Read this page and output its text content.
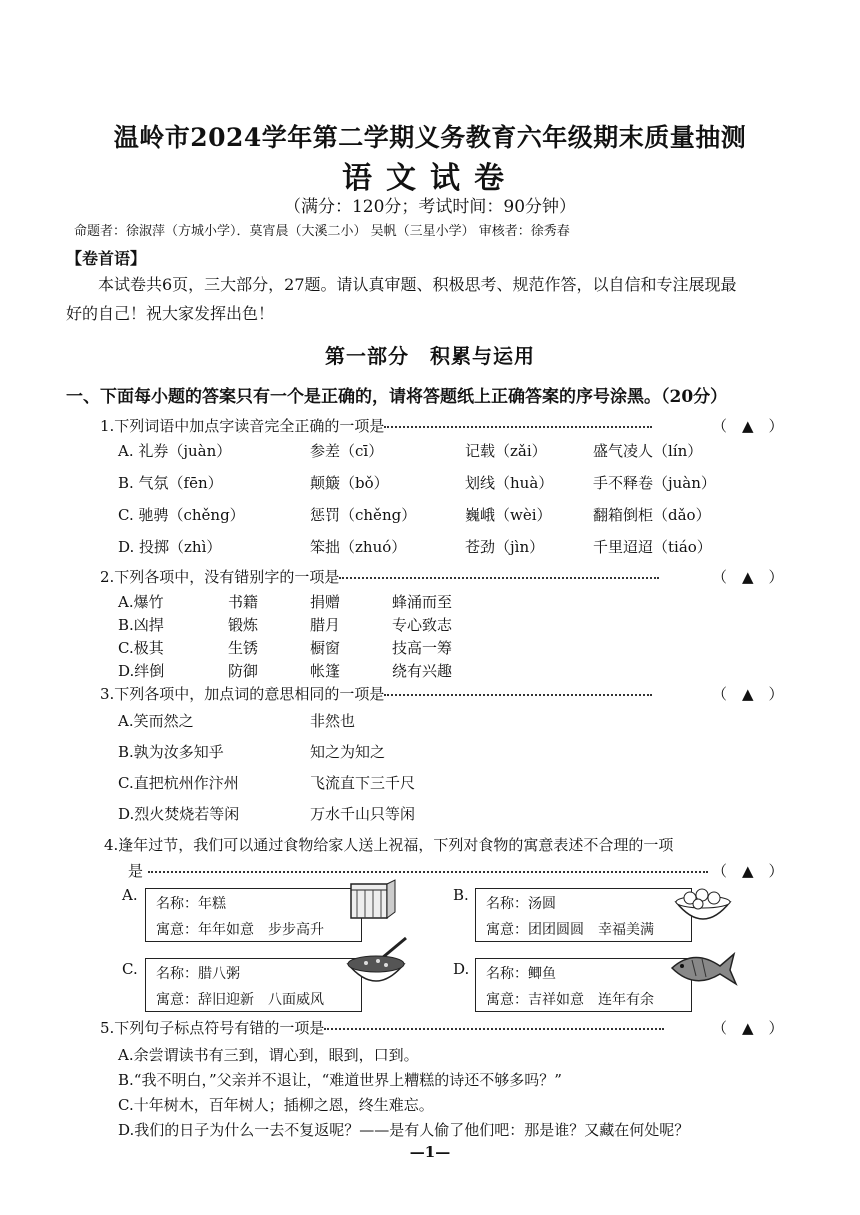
温岭市2024学年第二学期义务教育六年级期末质量抽测
语文试卷
（满分：120分；考试时间：90分钟）
命题者：徐淑萍（方城小学）．莫宵晨（大溪二小） 吴帆（三星小学） 审核者：徐秀春
【卷首语】
本试卷共6页，三大部分，27题。请认真审题、积极思考、规范作答，以自信和专注展现最
好的自己！祝大家发挥出色！
第一部分　积累与运用
一、下面每小题的答案只有一个是正确的，请将答题纸上正确答案的序号涂黑。（20分）
1.下列词语中加点字读音完全正确的一项是	（　▲　）
A. 礼券（juàn）	参差（cī）	记载（zǎi）	盛气凌人（lín）
B. 气氛（fēn）	颠簸（bǒ）	划线（huà）	手不释卷（juàn）
C. 驰骋（chěng）	惩罚（chěng）	巍峨（wèi）	翻箱倒柜（dǎo）
D. 投掷（zhì）	笨拙（zhuó）	苍劲（jìn）	千里迢迢（tiáo）
2.下列各项中，没有错别字的一项是	（　▲　）
A.爆竹	书籍	捐赠	蜂涌而至
B.凶捍	锻炼	腊月	专心致志
C.极其	生锈	橱窗	技高一筹
D.绊倒	防御	帐篷	绕有兴趣
3.下列各项中，加点词的意思相同的一项是	（　▲　）
A.笑而然之	非然也
B.孰为汝多知乎	知之为知之
C.直把杭州作汴州	飞流直下三千尺
D.烈火焚烧若等闲	万水千山只等闲
4.逢年过节，我们可以通过食物给家人送上祝福，下列对食物的寓意表述不合理的一项
是	（　▲　）
A. 名称：年糕
寓意：年年如意　步步高升
B. 名称：汤圆
寓意：团团圆圆　幸福美满
C. 名称：腊八粥
寓意：辞旧迎新　八面威风
D. 名称：鲫鱼
寓意：吉祥如意　连年有余
5.下列句子标点符号有错的一项是	（　▲　）
A.余尝谓读书有三到，谓心到，眼到，口到。
B.“我不明白，”父亲并不退让，“难道世界上糟糕的诗还不够多吗？”
C.十年树木，百年树人；插柳之恩，终生难忘。
D.我们的日子为什么一去不复返呢？——是有人偷了他们吧：那是谁？又藏在何处呢？
—1—
